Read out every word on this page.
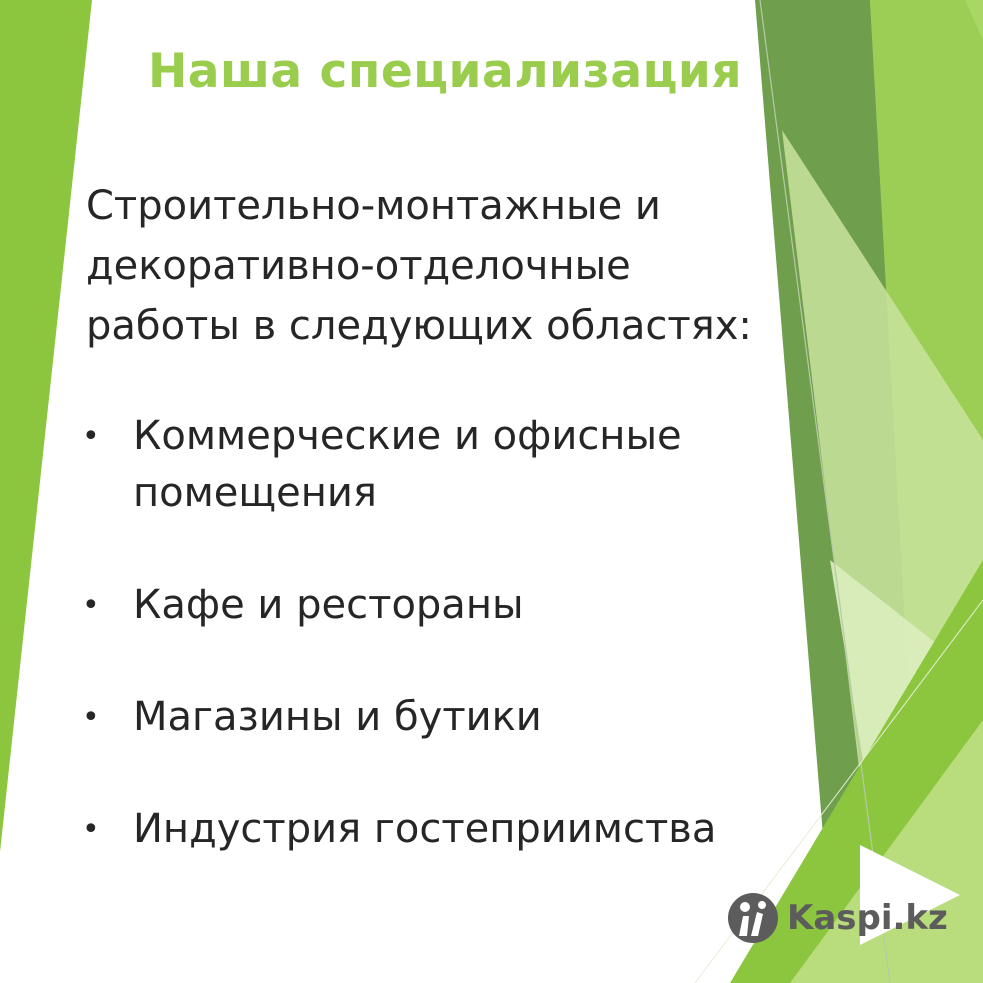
Наша специализация
Строительно-монтажные и
декоративно-отделочные
работы в следующих областях:
• Коммерческие и офисные
помещения
• Кафе и рестораны
• Магазины и бутики
• Индустрия гостеприимства
Kaspi.kz
